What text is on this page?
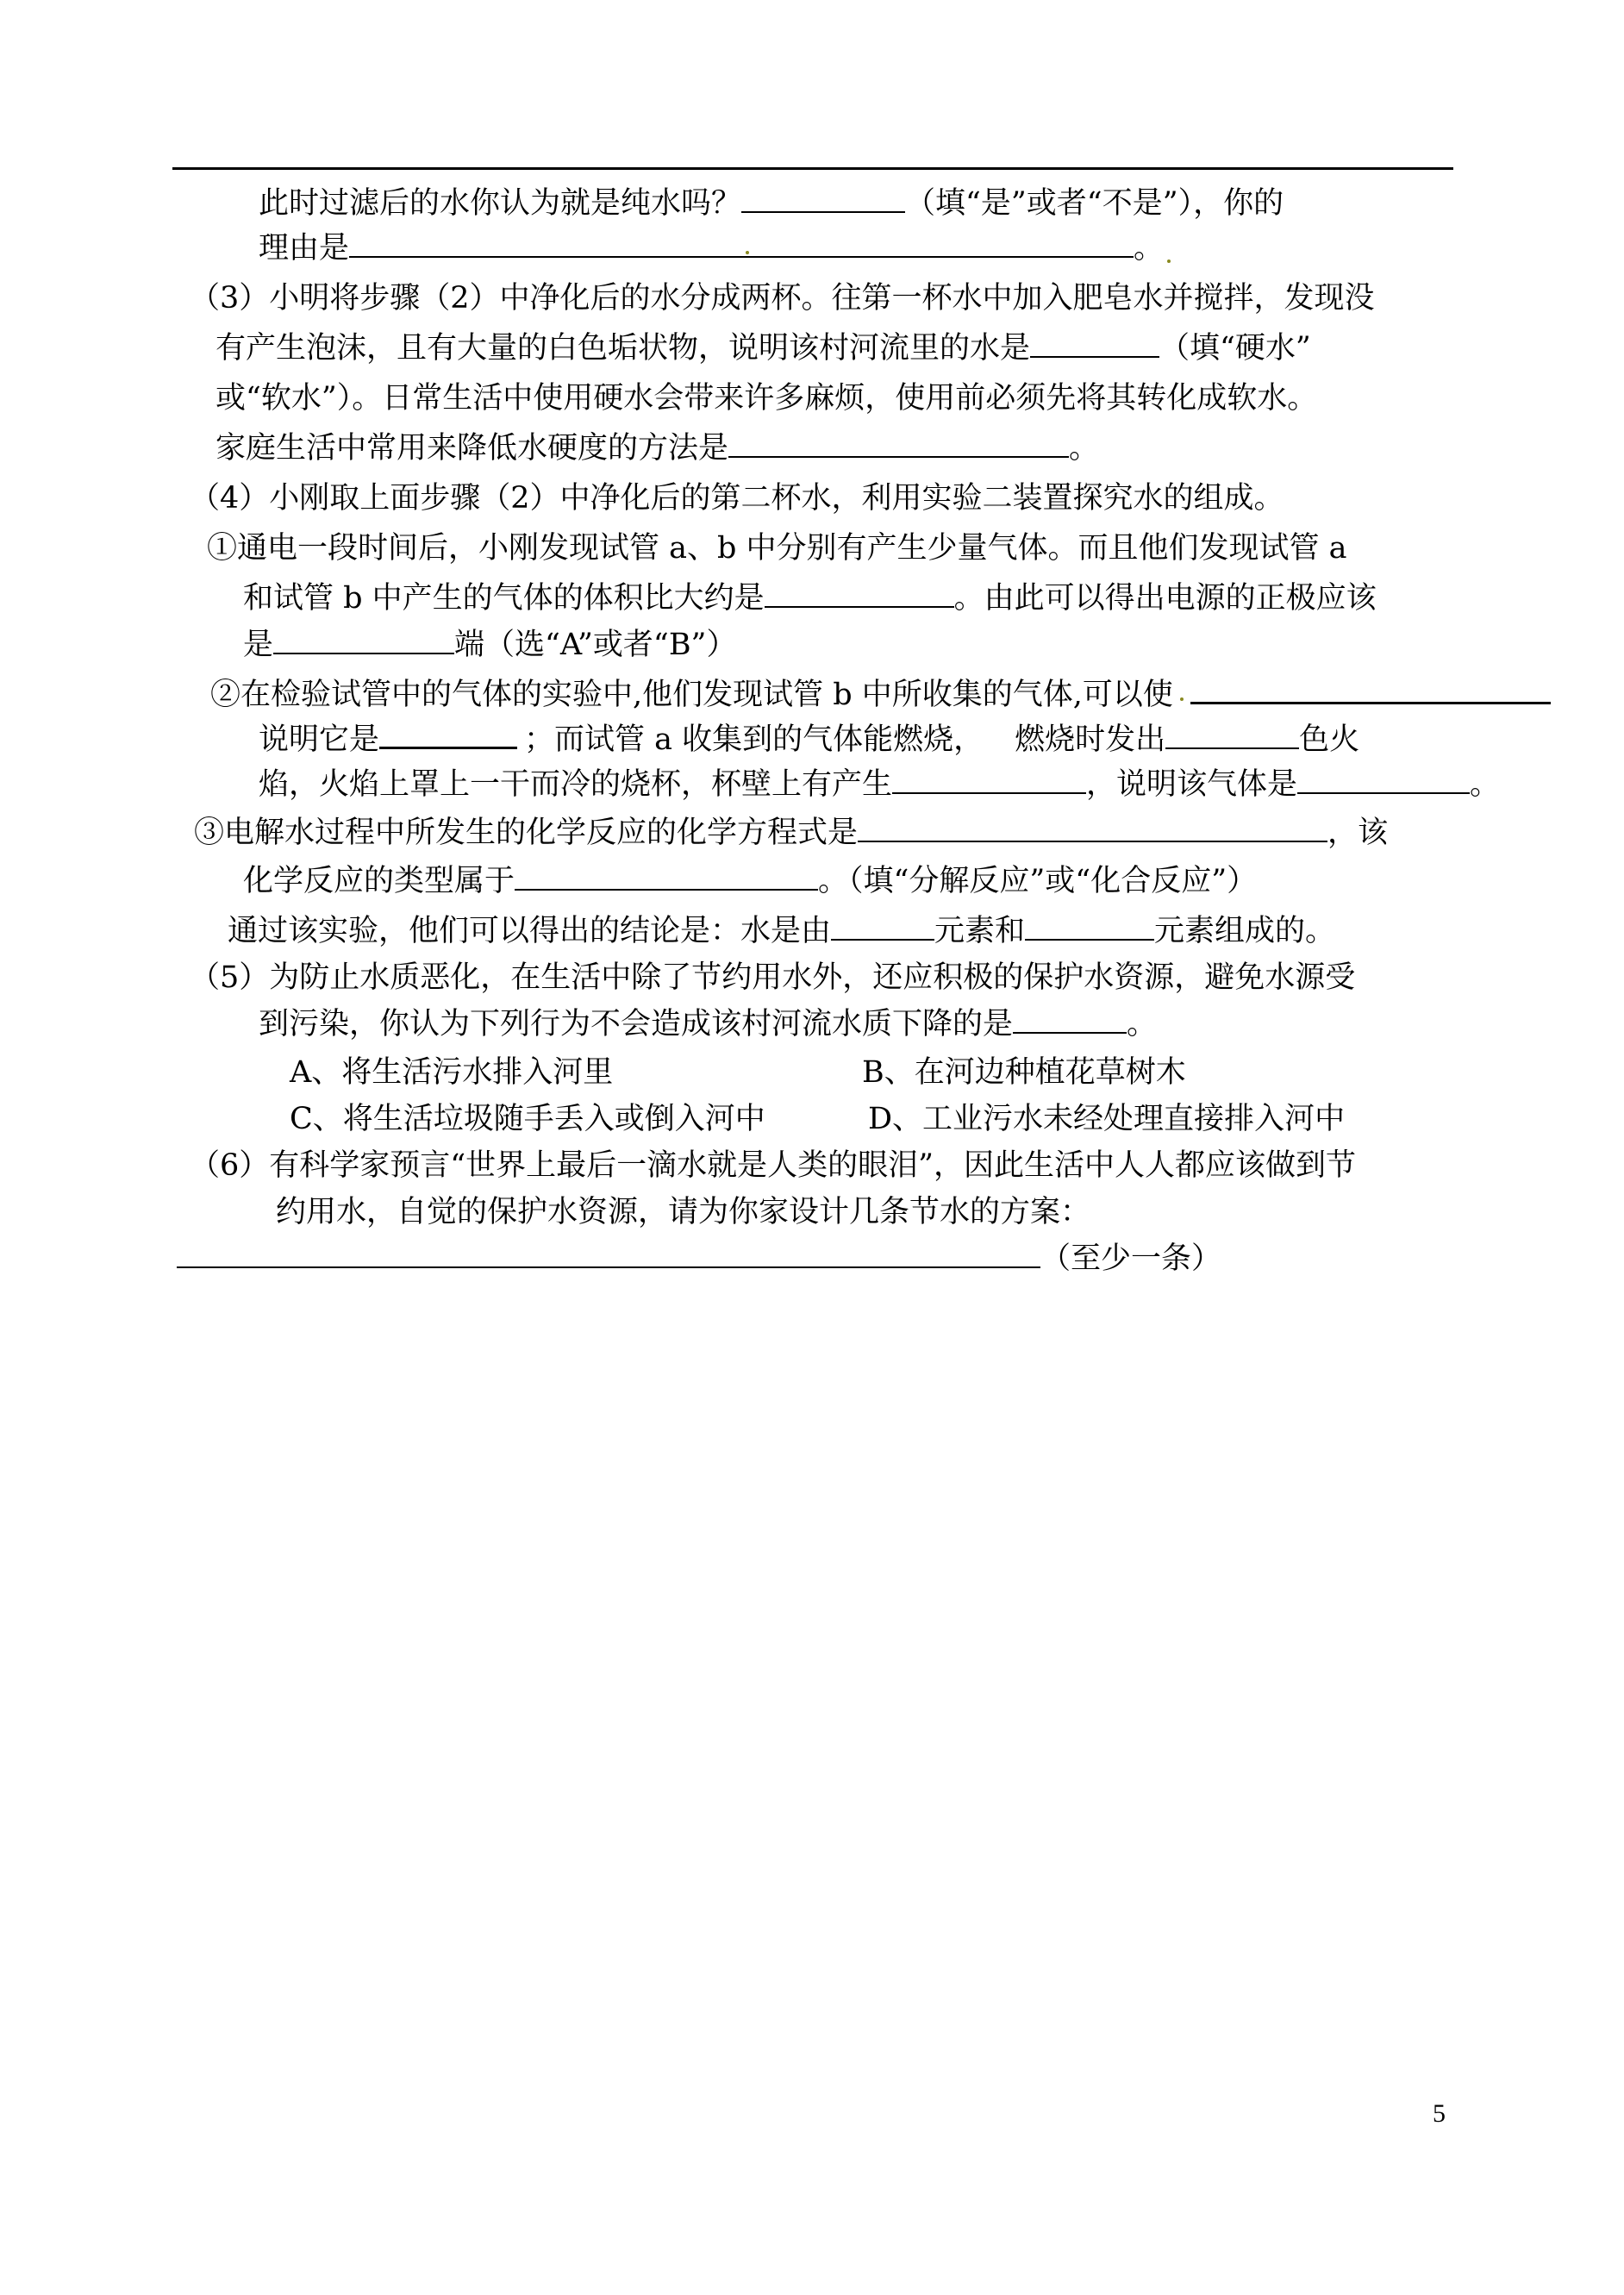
此时过滤后的水你认为就是纯水吗？	（填“是”或者“不是”），你的
理由是	。
（3）小明将步骤（2）中净化后的水分成两杯。往第一杯水中加入肥皂水并搅拌，发现没
有产生泡沫，且有大量的白色垢状物，说明该村河流里的水是	（填“硬水”
或“软水”）。日常生活中使用硬水会带来许多麻烦，使用前必须先将其转化成软水。
家庭生活中常用来降低水硬度的方法是	。
（4）小刚取上面步骤（2）中净化后的第二杯水，利用实验二装置探究水的组成。
①通电一段时间后，小刚发现试管 a、b 中分别有产生少量气体。而且他们发现试管 a
和试管 b 中产生的气体的体积比大约是	。由此可以得出电源的正极应该
是	端（选“A”或者“B”）
②在检验试管中的气体的实验中,他们发现试管 b 中所收集的气体,可以使
说明它是	；而试管 a 收集到的气体能燃烧， 燃烧时发出	色火
焰，火焰上罩上一干而冷的烧杯，杯壁上有产生	，说明该气体是	。
③电解水过程中所发生的化学反应的化学方程式是	，该
化学反应的类型属于	。（填“分解反应”或“化合反应”）
通过该实验，他们可以得出的结论是：水是由	元素和	元素组成的。
（5）为防止水质恶化，在生活中除了节约用水外，还应积极的保护水资源，避免水源受
到污染，你认为下列行为不会造成该村河流水质下降的是	。
A、将生活污水排入河里	B、在河边种植花草树木
C、将生活垃圾随手丢入或倒入河中	D、工业污水未经处理直接排入河中
（6）有科学家预言“世界上最后一滴水就是人类的眼泪”，因此生活中人人都应该做到节
约用水，自觉的保护水资源，请为你家设计几条节水的方案：
（至少一条）
5
